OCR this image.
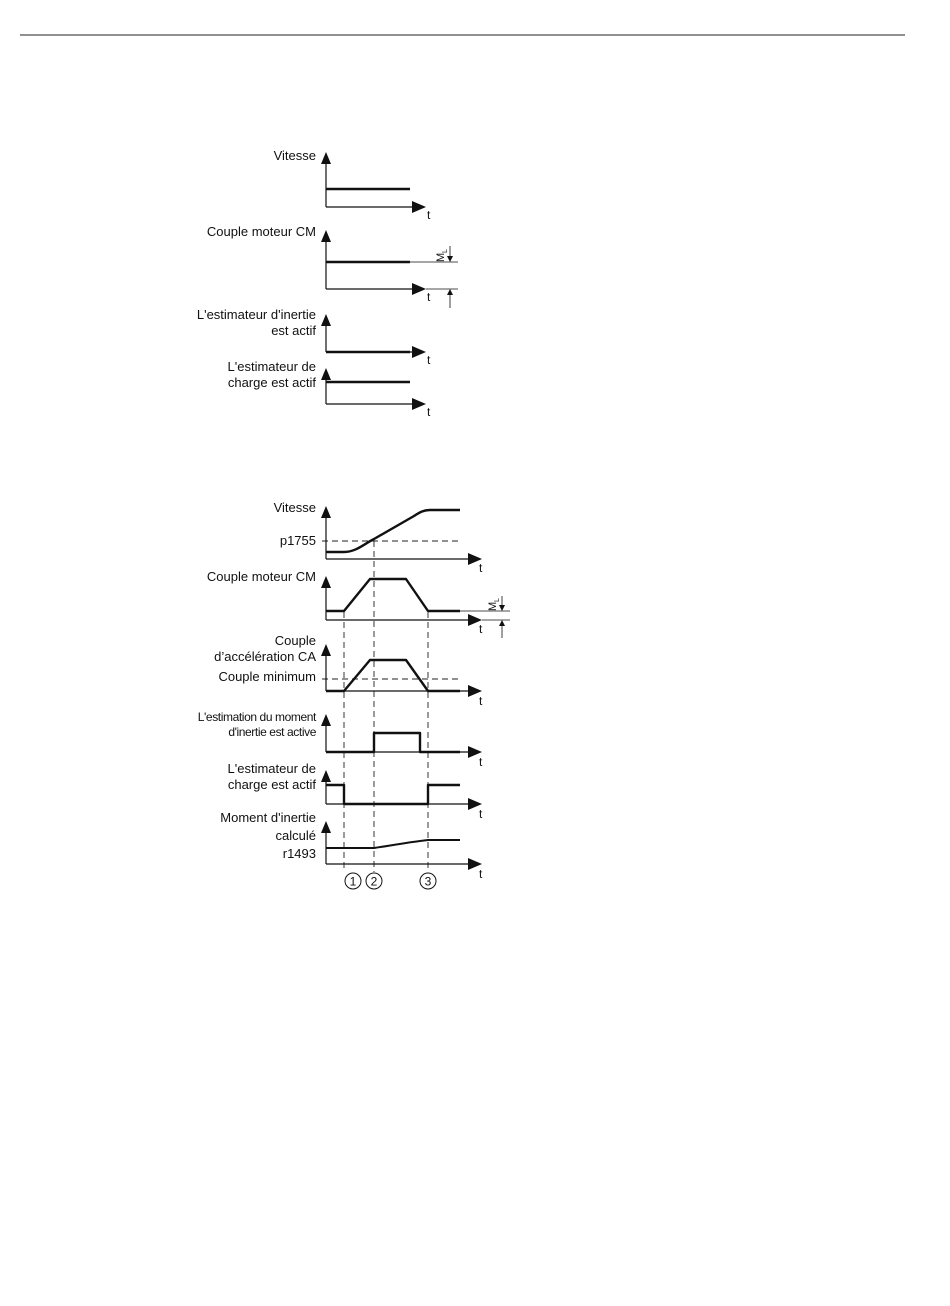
Vitesse
t
Couple moteur CM
t
M
L
L'estimateur d'inertie
est actif
t
L'estimateur de
charge est actif
t
Vitesse
p1755
t
Couple moteur CM
t
M
L
Couple
d’accélération CA
Couple minimum
t
L'estimation du moment
d'inertie est active
t
L'estimateur de
charge est actif
t
Moment d'inertie
calculé
r1493
t
1 2	3
